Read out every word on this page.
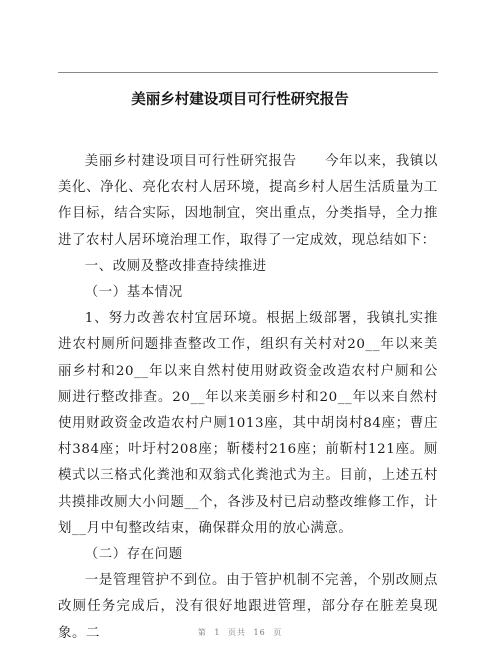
美丽乡村建设项目可行性研究报告

美丽乡村建设项目可行性研究报告　　今年以来，我镇以美化、净化、亮化农村人居环境，提高乡村人居生活质量为工作目标，结合实际，因地制宜，突出重点，分类指导，全力推进了农村人居环境治理工作，取得了一定成效，现总结如下：

一、改厕及整改排查持续推进

（一）基本情况

1、努力改善农村宜居环境。根据上级部署，我镇扎实推进农村厕所问题排查整改工作，组织有关村对20__年以来美丽乡村和20__年以来自然村使用财政资金改造农村户厕和公厕进行整改排查。20__年以来美丽乡村和20__年以来自然村使用财政资金改造农村户厕1013座，其中胡岗村84座；曹庄村384座；叶圩村208座；靳楼村216座；前靳村121座。厕模式以三格式化粪池和双翁式化粪池式为主。目前，上述五村共摸排改厕大小问题__个，各涉及村已启动整改维修工作，计划__月中旬整改结束，确保群众用的放心满意。

（二）存在问题

一是管理管护不到位。由于管护机制不完善，个别改厕点改厕任务完成后，没有很好地跟进管理，部分存在脏差臭现象。二	第 1 页共 16 页
